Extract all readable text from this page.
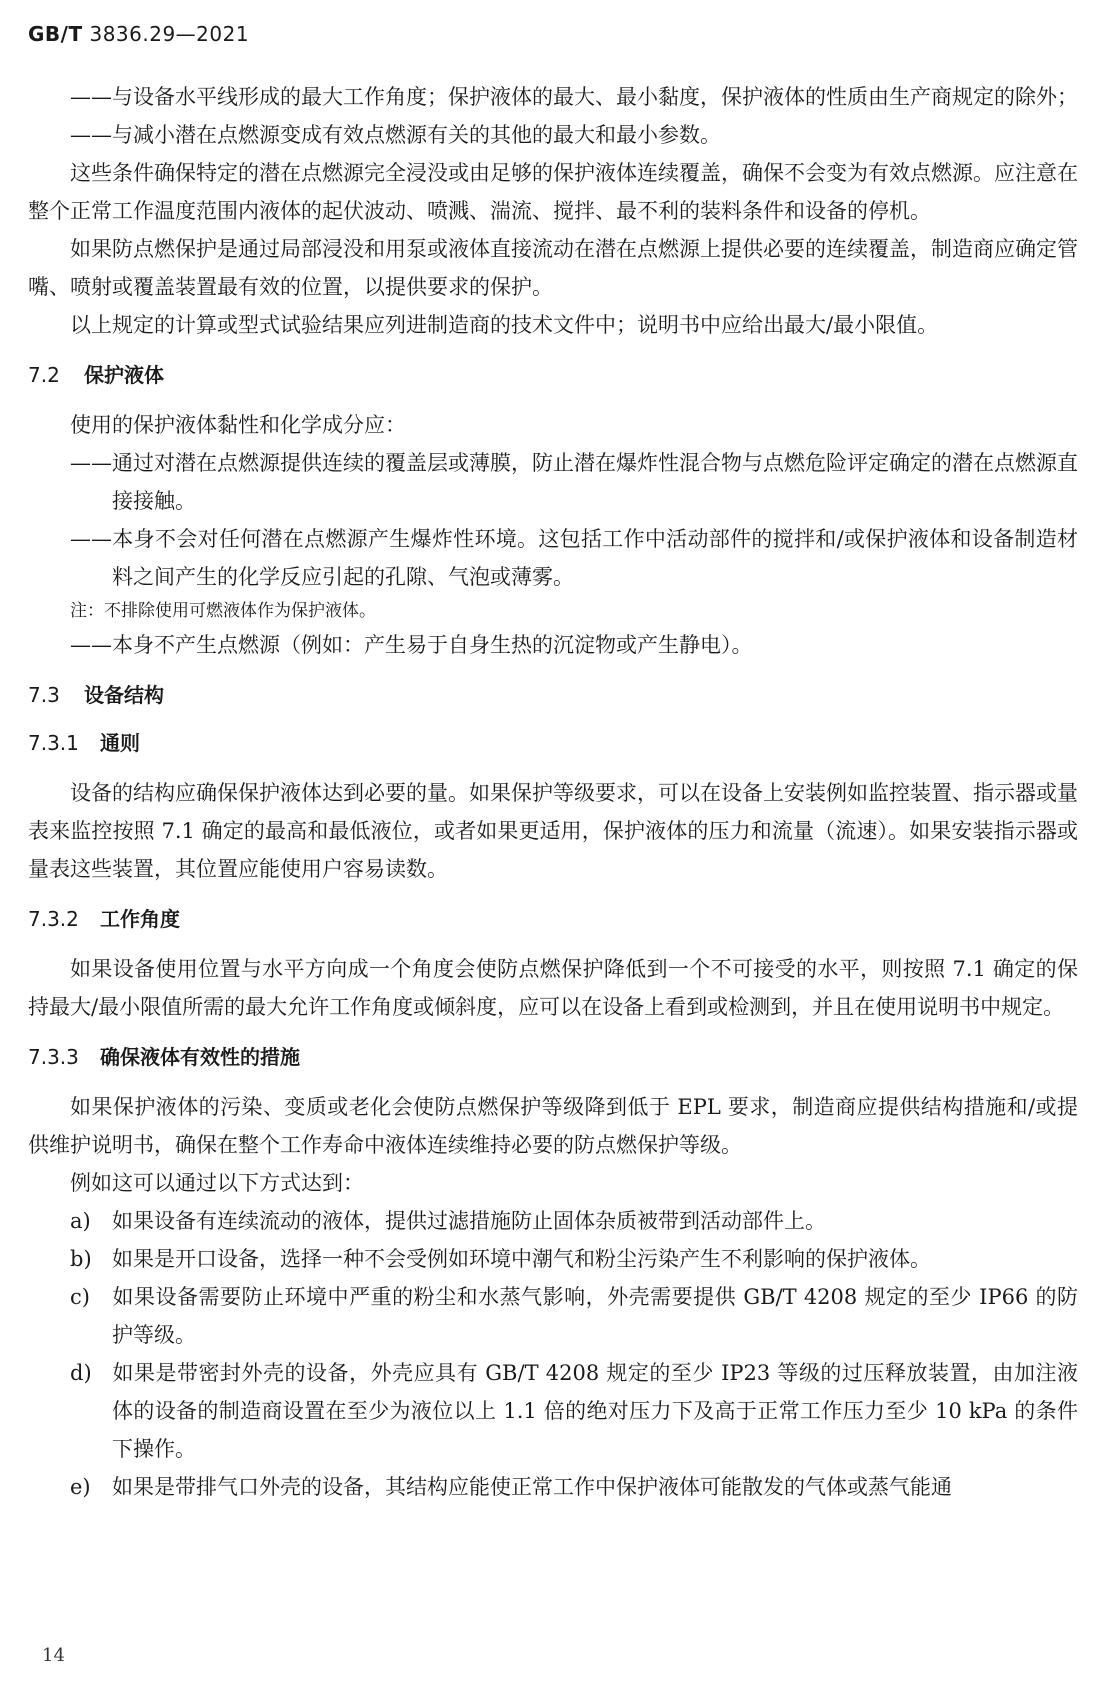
GB/T 3836.29—2021
——与设备水平线形成的最大工作角度；保护液体的最大、最小黏度，保护液体的性质由生产商规定的除外；
——与减小潜在点燃源变成有效点燃源有关的其他的最大和最小参数。
这些条件确保特定的潜在点燃源完全浸没或由足够的保护液体连续覆盖，确保不会变为有效点燃源。应注意在整个正常工作温度范围内液体的起伏波动、喷溅、湍流、搅拌、最不利的装料条件和设备的停机。
如果防点燃保护是通过局部浸没和用泵或液体直接流动在潜在点燃源上提供必要的连续覆盖，制造商应确定管嘴、喷射或覆盖装置最有效的位置，以提供要求的保护。
以上规定的计算或型式试验结果应列进制造商的技术文件中；说明书中应给出最大/最小限值。
7.2 保护液体
使用的保护液体黏性和化学成分应：
——通过对潜在点燃源提供连续的覆盖层或薄膜，防止潜在爆炸性混合物与点燃危险评定确定的潜在点燃源直接接触。
——本身不会对任何潜在点燃源产生爆炸性环境。这包括工作中活动部件的搅拌和/或保护液体和设备制造材料之间产生的化学反应引起的孔隙、气泡或薄雾。
注：不排除使用可燃液体作为保护液体。
——本身不产生点燃源（例如：产生易于自身生热的沉淀物或产生静电）。
7.3 设备结构
7.3.1 通则
设备的结构应确保保护液体达到必要的量。如果保护等级要求，可以在设备上安装例如监控装置、指示器或量表来监控按照 7.1 确定的最高和最低液位，或者如果更适用，保护液体的压力和流量（流速）。如果安装指示器或量表这些装置，其位置应能使用户容易读数。
7.3.2 工作角度
如果设备使用位置与水平方向成一个角度会使防点燃保护降低到一个不可接受的水平，则按照 7.1 确定的保持最大/最小限值所需的最大允许工作角度或倾斜度，应可以在设备上看到或检测到，并且在使用说明书中规定。
7.3.3 确保液体有效性的措施
如果保护液体的污染、变质或老化会使防点燃保护等级降到低于 EPL 要求，制造商应提供结构措施和/或提供维护说明书，确保在整个工作寿命中液体连续维持必要的防点燃保护等级。
例如这可以通过以下方式达到：
a) 如果设备有连续流动的液体，提供过滤措施防止固体杂质被带到活动部件上。
b) 如果是开口设备，选择一种不会受例如环境中潮气和粉尘污染产生不利影响的保护液体。
c) 如果设备需要防止环境中严重的粉尘和水蒸气影响，外壳需要提供 GB/T 4208 规定的至少 IP66 的防护等级。
d) 如果是带密封外壳的设备，外壳应具有 GB/T 4208 规定的至少 IP23 等级的过压释放装置，由加注液体的设备的制造商设置在至少为液位以上 1.1 倍的绝对压力下及高于正常工作压力至少 10 kPa 的条件下操作。
e) 如果是带排气口外壳的设备，其结构应能使正常工作中保护液体可能散发的气体或蒸气能通
14
